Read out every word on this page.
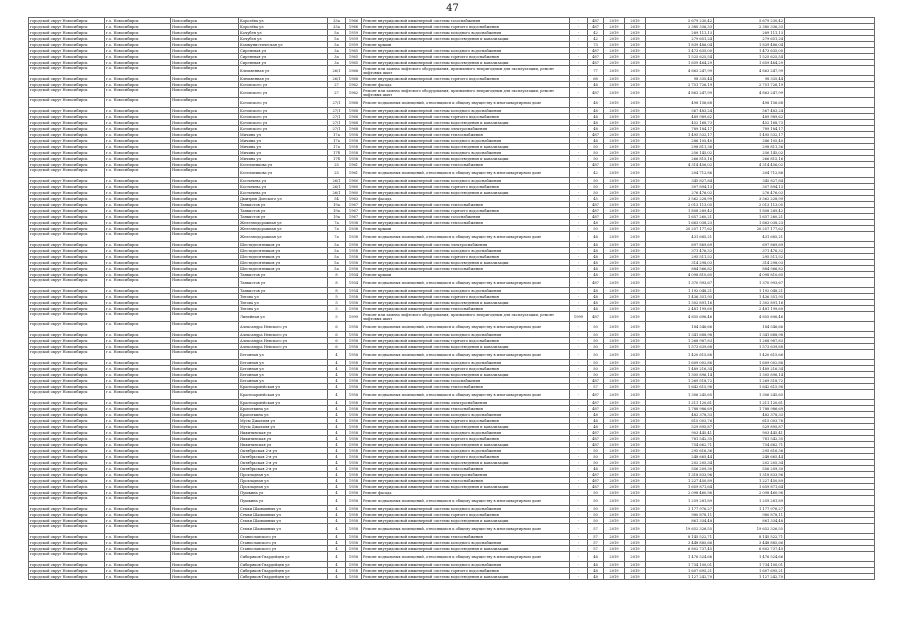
47
городской округ Новосибирск	г.о. Новосибирск	Новосибирск	Королёва ул	33а	1966	Ремонт внутридомовой инженерной системы газоснабжения	-	487	2019	2019	5 679 230,42	5 679 230,42	
городской округ Новосибирск	г.о. Новосибирск	Новосибирск	Королёва ул	33а	1966	Ремонт внутридомовой инженерной системы горячего водоснабжения	-	487	2019	2019	2 380 336,33	2 380 336,33	
городской округ Новосибирск	г.о. Новосибирск	Новосибирск	Кочубея ул	5а	1959	Ремонт внутридомовой инженерной системы холодного водоснабжения	-	42	2019	2019	289 111,13	289 111,13	
городской округ Новосибирск	г.о. Новосибирск	Новосибирск	Кочубея ул	5а	1959	Ремонт внутридомовой инженерной системы водоотведения и канализации	-	42	2019	2019	279 651,24	279 651,24	
городской округ Новосибирск	г.о. Новосибирск	Новосибирск	Коммунистическая ул	5а	1959	Ремонт крыши	-	73	2019	2019	1 839 486,04	1 839 486,04	
городской округ Новосибирск	г.о. Новосибирск	Новосибирск	Сиреневая ул	3а	1965	Ремонт внутридомовой инженерной системы холодного водоснабжения	-	487	2019	2019	1 473 635,00	1 473 635,00	
городской округ Новосибирск	г.о. Новосибирск	Новосибирск	Сиреневая ул	3а	1965	Ремонт внутридомовой инженерной системы горячего водоснабжения	-	487	2019	2019	1 525 625,54	1 525 625,54	
городской округ Новосибирск	г.о. Новосибирск	Новосибирск	Сиреневая ул	3а	1965	Ремонт внутридомовой инженерной системы водоотведения и канализации	-	487	2019	2019	1 659 464,29	1 659 464,29	
городской округ Новосибирск	г.о. Новосибирск	Новосибирск	Клюквенная ул	26/1	1968	Ремонт или замена лифтового оборудования, признанного непригодным для эксплуатации, ремонт лифтовых шахт	-	77	2019	2019	4 863 247,99	4 863 247,99	
городской округ Новосибирск	г.о. Новосибирск	Новосибирск	Клюквенная ул	26/1	1968	Ремонт внутридомовой инженерной системы горячего водоснабжения	-	68	2019	2019	98 335,44	98 335,44	
городской округ Новосибирск	г.о. Новосибирск	Новосибирск	Котовского ул	27	1962	Ремонт фасада	-	48	2019	2019	2 751 726,19	2 751 726,19	
городской округ Новосибирск	г.о. Новосибирск	Новосибирск	Котовского ул	27	1962	Ремонт или замена лифтового оборудования, признанного непригодным для эксплуатации, ремонт лифтовых шахт	-	487	2019	2019	4 863 247,99	4 863 247,99	
городской округ Новосибирск	г.о. Новосибирск	Новосибирск	Котовского ул	27/1	1968	Ремонт подвальных помещений, относящихся к общему имуществу в многоквартирном доме	-	48	2019	2019	498 156,68	498 156,68	
городской округ Новосибирск	г.о. Новосибирск	Новосибирск	Котовского ул	27/1	1968	Ремонт внутридомовой инженерной системы холодного водоснабжения	-	48	2019	2019	567 483,24	567 483,24	
городской округ Новосибирск	г.о. Новосибирск	Новосибирск	Котовского ул	27/1	1968	Ремонт внутридомовой инженерной системы горячего водоснабжения	-	48	2019	2019	489 989,62	489 989,62	
городской округ Новосибирск	г.о. Новосибирск	Новосибирск	Котовского ул	27/1	1968	Ремонт внутридомовой инженерной системы водоотведения и канализации	-	48	2019	2019	452 168,73	452 168,73	
городской округ Новосибирск	г.о. Новосибирск	Новосибирск	Котовского ул	27/1	1968	Ремонт внутридомовой инженерной системы электроснабжения	-	48	2019	2019	789 184,17	789 184,17	
городской округ Новосибирск	г.о. Новосибирск	Новосибирск	Мичина ул	17а	1958	Ремонт внутридомовой инженерной системы теплоснабжения	-	487	2019	2019	1 495 532,17	1 495 532,17	
городской округ Новосибирск	г.о. Новосибирск	Новосибирск	Мичина ул	17а	1958	Ремонт внутридомовой инженерной системы холодного водоснабжения	-	48	2019	2019	286 105,40	286 105,40	
городской округ Новосибирск	г.о. Новосибирск	Новосибирск	Мичина ул	17а	1958	Ремонт внутридомовой инженерной системы водоотведения и канализации	-	50	2019	2019	298 811,36	298 811,36	
городской округ Новосибирск	г.о. Новосибирск	Новосибирск	Мичина ул	17б	1958	Ремонт внутридомовой инженерной системы холодного водоснабжения	-	50	2019	2019	256 145,02	256 145,02	
городской округ Новосибирск	г.о. Новосибирск	Новосибирск	Мичина ул	17б	1958	Ремонт внутридомовой инженерной системы водоотведения и канализации	-	50	2019	2019	266 815,16	266 815,16	
городской округ Новосибирск	г.о. Новосибирск	Новосибирск	Котельникова ул	25	1961	Ремонт внутридомовой инженерной системы теплоснабжения	-	487	2019	2019	4 314 456,02	4 314 456,02	
городской округ Новосибирск	г.о. Новосибирск	Новосибирск	Котельникова ул	25	1961	Ремонт подвальных помещений, относящихся к общему имуществу в многоквартирном доме	-	42	2019	2019	204 712,86	204 712,86	
городской округ Новосибирск	г.о. Новосибирск	Новосибирск	Костычева ул	26/1	1960	Ремонт внутридомовой инженерной системы холодного водоснабжения	-	50	2019	2019	345 827,84	345 827,84	
городской округ Новосибирск	г.о. Новосибирск	Новосибирск	Костычева ул	26/1	1960	Ремонт внутридомовой инженерной системы горячего водоснабжения	-	50	2019	2019	307 894,13	307 894,13	
городской округ Новосибирск	г.о. Новосибирск	Новосибирск	Костычева ул	26/1	1960	Ремонт внутридомовой инженерной системы водоотведения и канализации	-	50	2019	2019	276 476,02	276 476,02	
городской округ Новосибирск	г.о. Новосибирск	Новосибирск	Дмитрия Донского ул	54	1963	Ремонт фасада	-	45	2019	2019	3 562 228,99	3 562 228,99	
городской округ Новосибирск	г.о. Новосибирск	Новосибирск	Танкистов ул	19а	1967	Ремонт внутридомовой инженерной системы теплоснабжения	-	487	2019	2019	2 013 113,05	2 013 113,05	
городской округ Новосибирск	г.о. Новосибирск	Новосибирск	Танкистов ул	19а	1967	Ремонт внутридомовой инженерной системы горячего водоснабжения	-	487	2019	2019	1 808 289,42	1 808 289,42	
городской округ Новосибирск	г.о. Новосибирск	Новосибирск	Танкистов ул	19а	1967	Ремонт внутридомовой инженерной системы газоснабжения	-	487	2019	2019	1 657 260,21	1 657 260,21	
городской округ Новосибирск	г.о. Новосибирск	Новосибирск	Железнодорожная ул	7а	1938	Ремонт внутридомовой инженерной системы теплоснабжения	-	48	2019	2019	1 663 038,23	1 663 038,23	
городской округ Новосибирск	г.о. Новосибирск	Новосибирск	Железнодорожная ул	7а	1938	Ремонт крыши	-	50	2019	2019	20 257 177,62	20 257 177,62	
городской округ Новосибирск	г.о. Новосибирск	Новосибирск	Железнодорожная ул	7а	1938	Ремонт подвальных помещений, относящихся к общему имуществу в многоквартирном доме	-	48	2019	2019	431 685,21	431 685,21	
городской округ Новосибирск	г.о. Новосибирск	Новосибирск	Шестидесятников ул	5а	1958	Ремонт внутридомовой инженерной системы электроснабжения	-	48	2019	2019	697 869,69	697 869,69	
городской округ Новосибирск	г.о. Новосибирск	Новосибирск	Шестидесятников ул	5а	1958	Ремонт внутридомовой инженерной системы холодного водоснабжения	-	48	2019	2019	371 476,32	371 476,32	
городской округ Новосибирск	г.о. Новосибирск	Новосибирск	Шестидесятников ул	5а	1958	Ремонт внутридомовой инженерной системы горячего водоснабжения	-	48	2019	2019	295 511,52	295 511,52	
городской округ Новосибирск	г.о. Новосибирск	Новосибирск	Шестидесятников ул	5а	1958	Ремонт внутридомовой инженерной системы водоотведения и канализации	-	48	2019	2019	314 298,03	314 298,03	
городской округ Новосибирск	г.о. Новосибирск	Новосибирск	Шестидесятников ул	5а	1958	Ремонт внутридомовой инженерной системы теплоснабжения	-	48	2019	2019	884 566,82	884 566,82	
городской округ Новосибирск	г.о. Новосибирск	Новосибирск	Танкистов ул	8	1954	Ремонт крыши	-	48	2019	2019	4 098 810,65	4 098 810,65	
городской округ Новосибирск	г.о. Новосибирск	Новосибирск	Танкистов ул	8	1954	Ремонт подвальных помещений, относящихся к общему имуществу в многоквартирном доме	-	487	2019	2019	1 370 993,67	1 370 993,67	
городской округ Новосибирск	г.о. Новосибирск	Новосибирск	Танкистов ул	8	1954	Ремонт внутридомовой инженерной системы холодного водоснабжения	-	48	2019	2019	1 192 048,21	1 192 048,21	
городской округ Новосибирск	г.о. Новосибирск	Новосибирск	Титова ул	5	1958	Ремонт внутридомовой инженерной системы горячего водоснабжения	-	48	2019	2019	1 436 351,95	1 436 351,95	
городской округ Новосибирск	г.о. Новосибирск	Новосибирск	Титова ул	5	1958	Ремонт внутридомовой инженерной системы водоотведения и канализации	-	48	2019	2019	1 302 891,16	1 302 891,16	
городской округ Новосибирск	г.о. Новосибирск	Новосибирск	Титова ул	5	1958	Ремонт внутридомовой инженерной системы теплоснабжения	-	48	2019	2019	2 481 199,60	2 481 199,60	
городской округ Новосибирск	г.о. Новосибирск	Новосибирск	Линейная ул	5	1999	Ремонт или замена лифтового оборудования, признанного непригодным для эксплуатации, ремонт лифтовых шахт	1999	487	2019	2019	4 855 696,46	4 855 696,46	
городской округ Новосибирск	г.о. Новосибирск	Новосибирск	Александра Невского ул	6	1958	Ремонт подвальных помещений, относящихся к общему имуществу в многоквартирном доме	-	50	2019	2019	184 546,66	184 546,66	
городской округ Новосибирск	г.о. Новосибирск	Новосибирск	Александра Невского ул	6	1958	Ремонт внутридомовой инженерной системы холодного водоснабжения	-	50	2019	2019	1 341 688,98	1 341 688,98	
городской округ Новосибирск	г.о. Новосибирск	Новосибирск	Александра Невского ул	6	1958	Ремонт внутридомовой инженерной системы горячего водоснабжения	-	50	2019	2019	1 268 987,83	1 268 987,83	
городской округ Новосибирск	г.о. Новосибирск	Новосибирск	Александра Невского ул	6	1958	Ремонт внутридомовой инженерной системы водоотведения и канализации	-	50	2019	2019	1 573 639,68	1 573 639,68	
городской округ Новосибирск	г.о. Новосибирск	Новосибирск	Бетонная ул	4	1958	Ремонт подвальных помещений, относящихся к общему имуществу в многоквартирном доме	-	50	2019	2019	1 420 615,66	1 420 615,66	
городской округ Новосибирск	г.о. Новосибирск	Новосибирск	Бетонная ул	4	1958	Ремонт внутридомовой инженерной системы холодного водоснабжения	-	50	2019	2019	1 609 002,86	1 609 002,86	
городской округ Новосибирск	г.о. Новосибирск	Новосибирск	Бетонная ул	4	1958	Ремонт внутридомовой инженерной системы горячего водоснабжения	-	50	2019	2019	1 489 216,34	1 489 216,34	
городской округ Новосибирск	г.о. Новосибирск	Новосибирск	Бетонная ул	4	1958	Ремонт внутридомовой инженерной системы водоотведения и канализации	-	50	2019	2019	1 305 896,14	1 305 896,14	
городской округ Новосибирск	г.о. Новосибирск	Новосибирск	Бетонная ул	4	1958	Ремонт внутридомовой инженерной системы газоснабжения	-	487	2019	2019	1 269 518,72	1 269 518,72	
городской округ Новосибирск	г.о. Новосибирск	Новосибирск	Красноармейская ул	4	1958	Ремонт внутридомовой инженерной системы теплоснабжения	-	57	2019	2019	1 642 615,96	1 642 615,96	
городской округ Новосибирск	г.о. Новосибирск	Новосибирск	Красноармейская ул	4	1958	Ремонт подвальных помещений, относящихся к общему имуществу в многоквартирном доме	-	487	2019	2019	1 306 245,65	1 306 245,65	
городской округ Новосибирск	г.о. Новосибирск	Новосибирск	Красноармейская ул	4	1958	Ремонт внутридомовой инженерной системы электроснабжения	-	487	2019	2019	1 211 120,61	1 211 120,61	
городской округ Новосибирск	г.о. Новосибирск	Новосибирск	Кропоткина ул	4	1958	Ремонт внутридомовой инженерной системы теплоснабжения	-	487	2019	2019	1 788 986,69	1 788 986,69	
городской округ Новосибирск	г.о. Новосибирск	Новосибирск	Кропоткина ул	4	1958	Ремонт внутридомовой инженерной системы холодного водоснабжения	-	48	2019	2019	482 378,33	482 378,33	
городской округ Новосибирск	г.о. Новосибирск	Новосибирск	Мусы Джалиля ул	4	1958	Ремонт внутридомовой инженерной системы горячего водоснабжения	-	48	2019	2019	615 003,76	615 003,76	
городской округ Новосибирск	г.о. Новосибирск	Новосибирск	Мусы Джалиля ул	4	1958	Ремонт внутридомовой инженерной системы водоотведения и канализации	-	48	2019	2019	529 895,87	529 895,87	
городской округ Новосибирск	г.о. Новосибирск	Новосибирск	Никитинская ул	4	1958	Ремонт внутридомовой инженерной системы холодного водоснабжения	-	487	2019	2019	903 445,41	903 445,41	
городской округ Новосибирск	г.о. Новосибирск	Новосибирск	Никитинская ул	4	1958	Ремонт внутридомовой инженерной системы горячего водоснабжения	-	487	2019	2019	781 542,35	781 542,35	
городской округ Новосибирск	г.о. Новосибирск	Новосибирск	Никитинская ул	4	1958	Ремонт внутридомовой инженерной системы водоотведения и канализации	-	487	2019	2019	754 662,71	754 662,71	
городской округ Новосибирск	г.о. Новосибирск	Новосибирск	Октябрьская 2-я ул	4	1958	Ремонт внутридомовой инженерной системы холодного водоснабжения	-	50	2019	2019	295 616,36	295 616,36	
городской округ Новосибирск	г.о. Новосибирск	Новосибирск	Октябрьская 2-я ул	4	1958	Ремонт внутридомовой инженерной системы горячего водоснабжения	-	50	2019	2019	248 665,44	248 665,44	
городской округ Новосибирск	г.о. Новосибирск	Новосибирск	Октябрьская 2-я ул	4	1958	Ремонт внутридомовой инженерной системы водоотведения и канализации	-	50	2019	2019	202 205,34	202 205,34	
городской округ Новосибирск	г.о. Новосибирск	Новосибирск	Октябрьская 2-я ул	4	1958	Ремонт внутридомовой инженерной системы теплоснабжения	-	48	2019	2019	556 209,30	556 209,30	
городской округ Новосибирск	г.о. Новосибирск	Новосибирск	Прохладная ул	4	1958	Ремонт внутридомовой инженерной системы электроснабжения	-	487	2019	2019	1 318 833,96	1 318 833,96	
городской округ Новосибирск	г.о. Новосибирск	Новосибирск	Прохладная ул	4	1958	Ремонт внутридомовой инженерной системы теплоснабжения	-	487	2019	2019	1 227 450,89	1 227 450,89	
городской округ Новосибирск	г.о. Новосибирск	Новосибирск	Прохладная ул	4	1958	Ремонт внутридомовой инженерной системы водоотведения и канализации	-	487	2019	2019	1 659 871,64	1 659 871,64	
городской округ Новосибирск	г.о. Новосибирск	Новосибирск	Пушкина ул	4	1958	Ремонт фасада	-	50	2019	2019	2 098 460,96	2 098 460,96	
городской округ Новосибирск	г.о. Новосибирск	Новосибирск	Пушкина ул	4	1958	Ремонт подвальных помещений, относящихся к общему имуществу в многоквартирном доме	-	50	2019	2019	1 259 281,89	1 259 281,89	
городской округ Новосибирск	г.о. Новосибирск	Новосибирск	Семьи Шамшиных ул	4	1958	Ремонт внутридомовой инженерной системы холодного водоснабжения	-	50	2019	2019	1 177 976,27	1 177 976,27	
городской округ Новосибирск	г.о. Новосибирск	Новосибирск	Семьи Шамшиных ул	4	1958	Ремонт внутридомовой инженерной системы горячего водоснабжения	-	50	2019	2019	980 878,11	980 878,11	
городской округ Новосибирск	г.о. Новосибирск	Новосибирск	Семьи Шамшиных ул	4	1958	Ремонт внутридомовой инженерной системы водоотведения и канализации	-	50	2019	2019	861 334,48	861 334,48	
городской округ Новосибирск	г.о. Новосибирск	Новосибирск	Семьи Шамшиных ул	4	1958	Ремонт подвальных помещений, относящихся к общему имуществу в многоквартирном доме	-	57	2019	2019	19 652 326,55	19 652 326,55	
городской округ Новосибирск	г.о. Новосибирск	Новосибирск	Станиславского ул	4	1958	Ремонт внутридомовой инженерной системы теплоснабжения	-	57	2019	2019	8 145 522,71	8 145 522,71	
городской округ Новосибирск	г.о. Новосибирск	Новосибирск	Станиславского ул	4	1958	Ремонт внутридомовой инженерной системы холодного водоснабжения	-	57	2019	2019	3 448 885,66	3 448 885,66	
городской округ Новосибирск	г.о. Новосибирск	Новосибирск	Станиславского ул	4	1958	Ремонт внутридомовой инженерной системы водоотведения и канализации	-	57	2019	2019	6 802 737,45	6 802 737,45	
городской округ Новосибирск	г.о. Новосибирск	Новосибирск	Сибиряков-Гвардейцев ул	4	1958	Ремонт подвальных помещений, относящихся к общему имуществу в многоквартирном доме	-	48	2019	2019	1 476 524,66	1 476 524,66	
городской округ Новосибирск	г.о. Новосибирск	Новосибирск	Сибиряков-Гвардейцев ул	4	1958	Ремонт внутридомовой инженерной системы холодного водоснабжения	-	48	2019	2019	1 734 100,01	1 734 100,01	
городской округ Новосибирск	г.о. Новосибирск	Новосибирск	Сибиряков-Гвардейцев ул	4	1958	Ремонт внутридомовой инженерной системы горячего водоснабжения	-	48	2019	2019	1 607 695,21	1 607 695,21	
городской округ Новосибирск	г.о. Новосибирск	Новосибирск	Сибиряков-Гвардейцев ул	4	1958	Ремонт внутридомовой инженерной системы водоотведения и канализации	-	48	2019	2019	1 127 242,70	1 127 242,70	
